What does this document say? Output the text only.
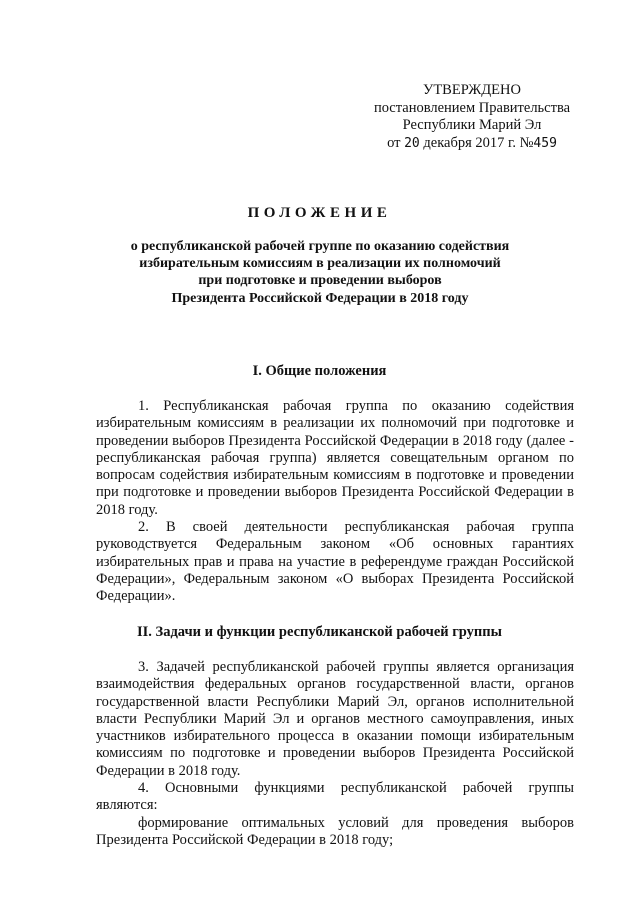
УТВЕРЖДЕНО
постановлением Правительства
Республики Марий Эл
от 20 декабря 2017 г. №459
ПОЛОЖЕНИЕ
о республиканской рабочей группе по оказанию содействия
избирательным комиссиям в реализации их полномочий
при подготовке и проведении выборов
Президента Российской Федерации в 2018 году
I. Общие положения

1. Республиканская рабочая группа по оказанию содействия избирательным комиссиям в реализации их полномочий при подготовке и проведении выборов Президента Российской Федерации в 2018 году (далее - республиканская рабочая группа) является совещательным органом по вопросам содействия избирательным комиссиям в подготовке и проведении при подготовке и проведении выборов Президента Российской Федерации в 2018 году.

2. В своей деятельности республиканская рабочая группа руководствуется Федеральным законом «Об основных гарантиях избирательных прав и права на участие в референдуме граждан Российской Федерации», Федеральным законом «О выборах Президента Российской Федерации».

II. Задачи и функции республиканской рабочей группы

3. Задачей республиканской рабочей группы является организация взаимодействия федеральных органов государственной власти, органов государственной власти Республики Марий Эл, органов исполнительной власти Республики Марий Эл и органов местного самоуправления, иных участников избирательного процесса в оказании помощи избирательным комиссиям по подготовке и проведении выборов Президента Российской Федерации в 2018 году.

4. Основными функциями республиканской рабочей группы являются:

формирование оптимальных условий для проведения выборов Президента Российской Федерации в 2018 году;
